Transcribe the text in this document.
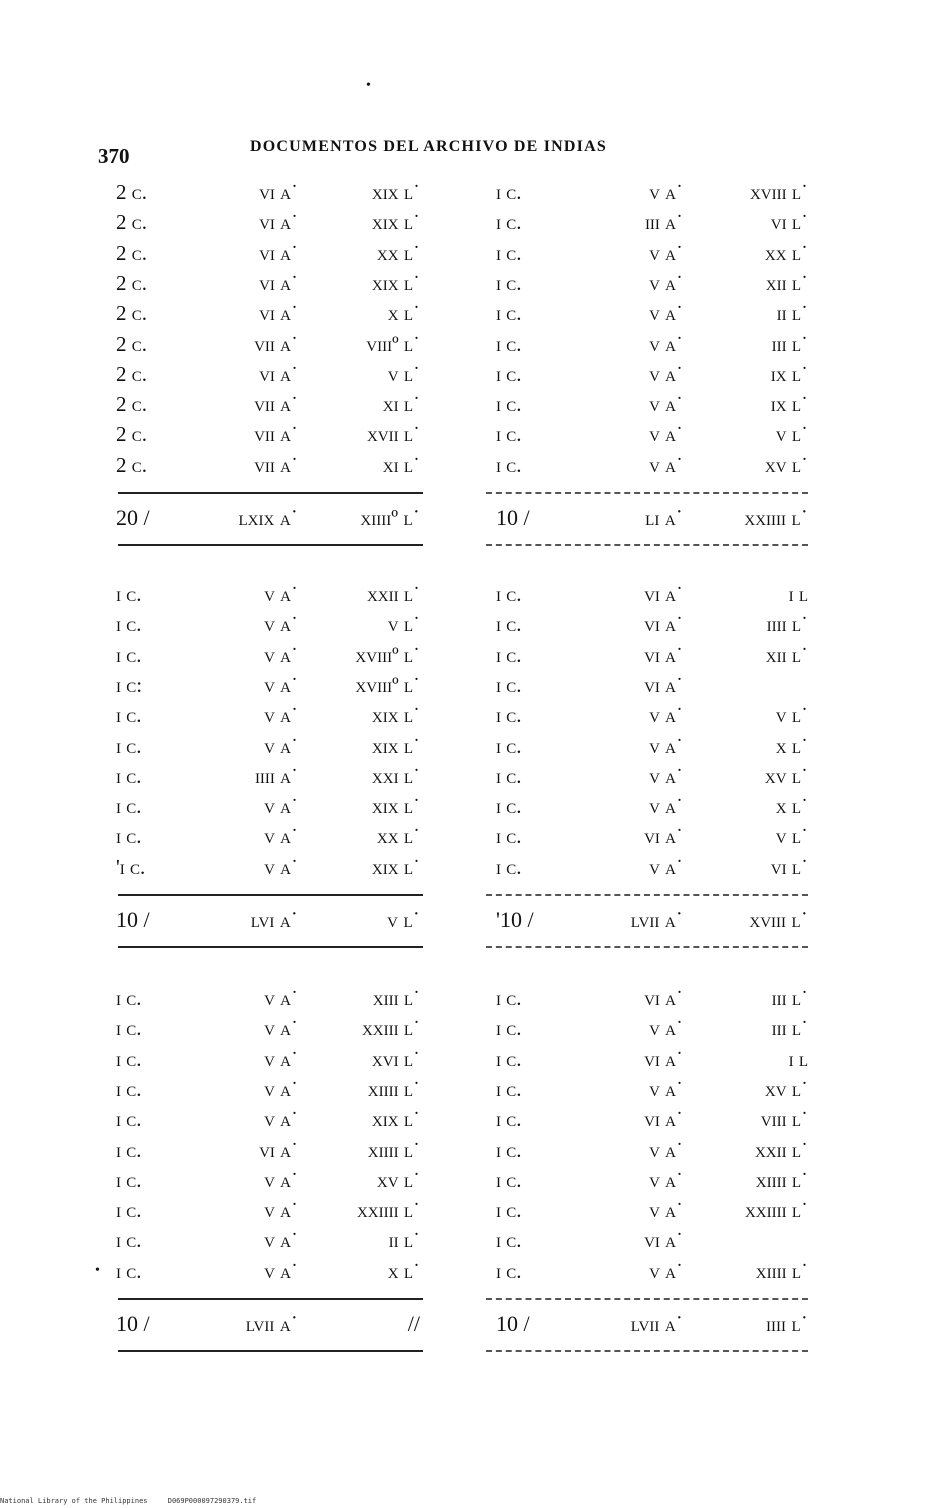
•
370	DOCUMENTOS DEL ARCHIVO DE INDIAS
•
2 c.	vi a˙	xix l˙
2 c.	vi a˙	xix l˙
2 c.	vi a˙	xx l˙
2 c.	vi a˙	xix l˙
2 c.	vi a˙	x l˙
2 c.	vii a˙	viiiº l˙
2 c.	vi a˙	v l˙
2 c.	vii a˙	xi l˙
2 c.	vii a˙	xvii l˙
2 c.	vii a˙	xi l˙
20 /	lxix a˙	xiiiiº l˙
i c.	v a˙	xviii l˙
i c.	iii a˙	vi l˙
i c.	v a˙	xx l˙
i c.	v a˙	xii l˙
i c.	v a˙	ii l˙
i c.	v a˙	iii l˙
i c.	v a˙	ix l˙
i c.	v a˙	ix l˙
i c.	v a˙	v l˙
i c.	v a˙	xv l˙
10 /	li a˙	xxiiii l˙
i c.	v a˙	xxii l˙
i c.	v a˙	v l˙
i c.	v a˙	xviiiº l˙
i c:	v a˙	xviiiº l˙
i c.	v a˙	xix l˙
i c.	v a˙	xix l˙
i c.	iiii a˙	xxi l˙
i c.	v a˙	xix l˙
i c.	v a˙	xx l˙
'i c.	v a˙	xix l˙
10 /	lvi a˙	v l˙
i c.	vi a˙	i l
i c.	vi a˙	iiii l˙
i c.	vi a˙	xii l˙
i c.	vi a˙
i c.	v a˙	v l˙
i c.	v a˙	x l˙
i c.	v a˙	xv l˙
i c.	v a˙	x l˙
i c.	vi a˙	v l˙
i c.	v a˙	vi l˙
'10 /	lvii a˙	xviii l˙
i c.	v a˙	xiii l˙
i c.	v a˙	xxiii l˙
i c.	v a˙	xvi l˙
i c.	v a˙	xiiii l˙
i c.	v a˙	xix l˙
i c.	vi a˙	xiiii l˙
i c.	v a˙	xv l˙
i c.	v a˙	xxiiii l˙
i c.	v a˙	ii l˙
i c.	v a˙	x l˙
10 /	lvii a˙	//
i c.	vi a˙	iii l˙
i c.	v a˙	iii l˙
i c.	vi a˙	i l
i c.	v a˙	xv l˙
i c.	vi a˙	viii l˙
i c.	v a˙	xxii l˙
i c.	v a˙	xiiii l˙
i c.	v a˙	xxiiii l˙
i c.	vi a˙
i c.	v a˙	xiiii l˙
10 /	lvii a˙	iiii l˙
National Library of the Philippines	D069P000097290379.tif
